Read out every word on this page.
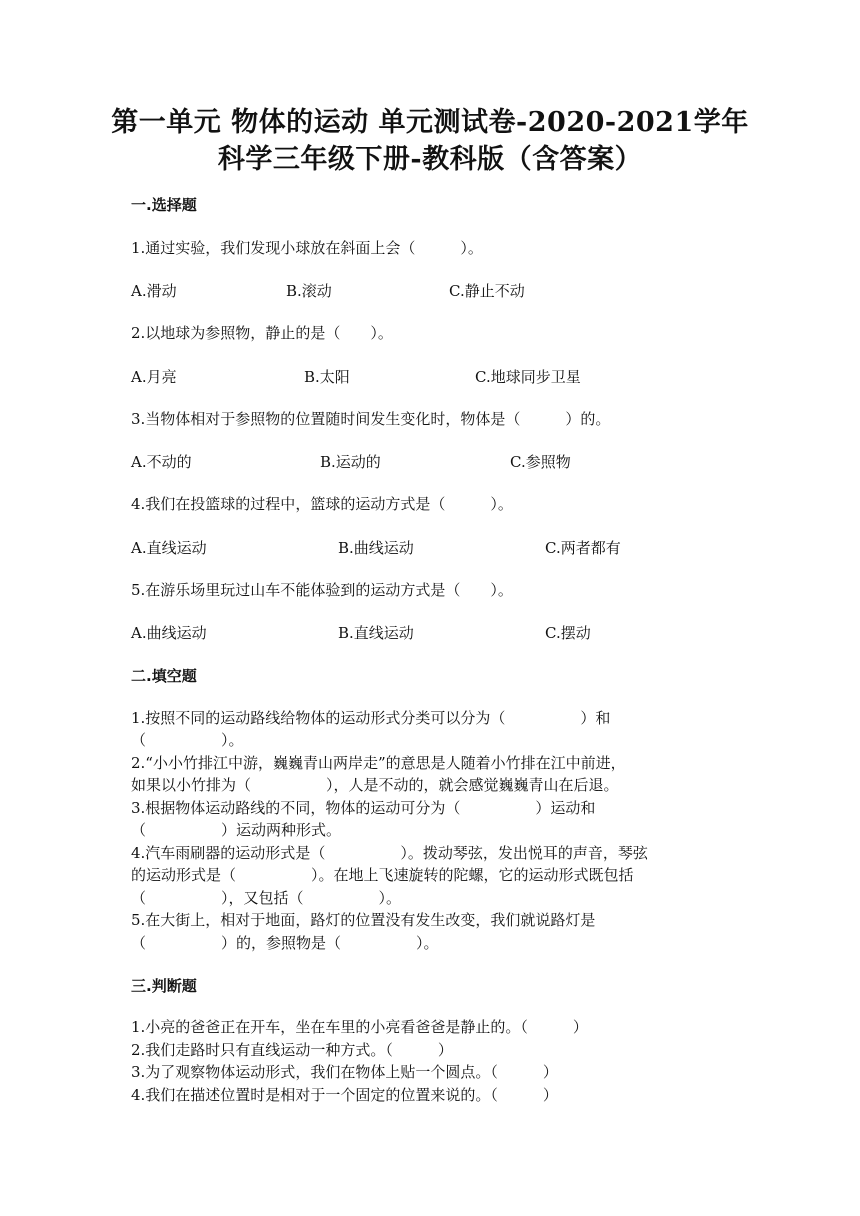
第一单元 物体的运动 单元测试卷-2020-2021学年
科学三年级下册-教科版（含答案）
一.选择题
1.通过实验，我们发现小球放在斜面上会（　　　）。
A.滑动	B.滚动	C.静止不动
2.以地球为参照物，静止的是（　　）。
A.月亮	B.太阳	C.地球同步卫星
3.当物体相对于参照物的位置随时间发生变化时，物体是（　　　）的。
A.不动的	B.运动的	C.参照物
4.我们在投篮球的过程中，篮球的运动方式是（　　　）。
A.直线运动	B.曲线运动	C.两者都有
5.在游乐场里玩过山车不能体验到的运动方式是（　　）。
A.曲线运动	B.直线运动	C.摆动
二.填空题
1.按照不同的运动路线给物体的运动形式分类可以分为（　　　　　）和
（　　　　　）。
2.“小小竹排江中游，巍巍青山两岸走”的意思是人随着小竹排在江中前进，
如果以小竹排为（　　　　　），人是不动的，就会感觉巍巍青山在后退。
3.根据物体运动路线的不同，物体的运动可分为（　　　　　）运动和
（　　　　　）运动两种形式。
4.汽车雨刷器的运动形式是（　　　　　）。拨动琴弦，发出悦耳的声音，琴弦
的运动形式是（　　　　　）。在地上飞速旋转的陀螺，它的运动形式既包括
（　　　　　），又包括（　　　　　）。
5.在大街上，相对于地面，路灯的位置没有发生改变，我们就说路灯是
（　　　　　）的，参照物是（　　　　　）。
三.判断题
1.小亮的爸爸正在开车，坐在车里的小亮看爸爸是静止的。（　　　）
2.我们走路时只有直线运动一种方式。（　　　）
3.为了观察物体运动形式，我们在物体上贴一个圆点。（　　　）
4.我们在描述位置时是相对于一个固定的位置来说的。（　　　）
